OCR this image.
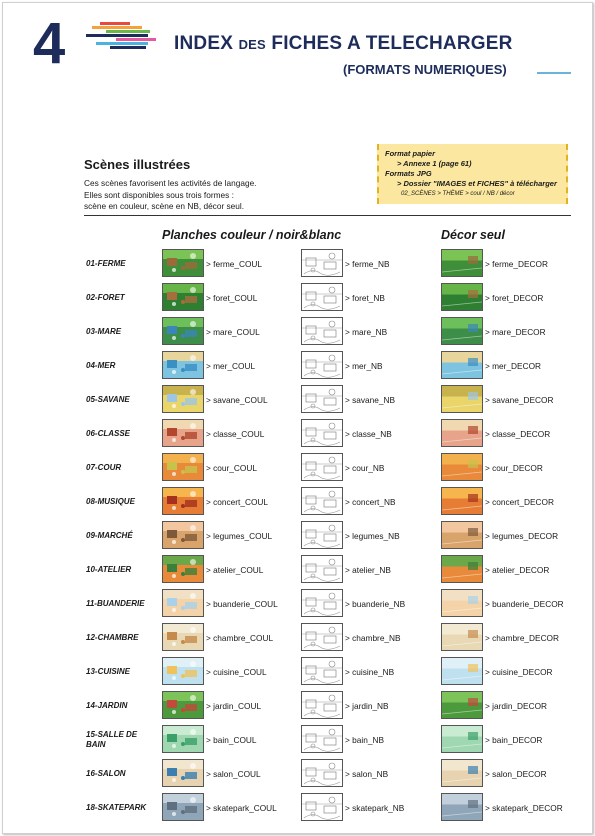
4	INDEX DES FICHES A TELECHARGER
(FORMATS NUMERIQUES)
Scènes illustrées
Ces scènes favorisent les activités de langage.
Elles sont disponibles sous trois formes :
scène en couleur, scène en NB, décor seul.
Format papier
> Annexe 1 (page 61)
Formats JPG
> Dossier "IMAGES et FICHES" à télécharger
02_SCÈNES > THÈME > coul / NB / décor
Planches couleur / noir&blanc	Décor seul
01-FERME	> ferme_COUL	> ferme_NB	> ferme_DECOR
02-FORET	> foret_COUL	> foret_NB	> foret_DECOR
03-MARE	> mare_COUL	> mare_NB	> mare_DECOR
04-MER	> mer_COUL	> mer_NB	> mer_DECOR
05-SAVANE	> savane_COUL	> savane_NB	> savane_DECOR
06-CLASSE	> classe_COUL	> classe_NB	> classe_DECOR
07-COUR	> cour_COUL	> cour_NB	> cour_DECOR
08-MUSIQUE	> concert_COUL	> concert_NB	> concert_DECOR
09-MARCHÉ	> legumes_COUL	> legumes_NB	> legumes_DECOR
10-ATELIER	> atelier_COUL	> atelier_NB	> atelier_DECOR
11-BUANDERIE	> buanderie_COUL	> buanderie_NB	> buanderie_DECOR
12-CHAMBRE	> chambre_COUL	> chambre_NB	> chambre_DECOR
13-CUISINE	> cuisine_COUL	> cuisine_NB	> cuisine_DECOR
14-JARDIN	> jardin_COUL	> jardin_NB	> jardin_DECOR
15-SALLE DE BAIN	> bain_COUL	> bain_NB	> bain_DECOR
16-SALON	> salon_COUL	> salon_NB	> salon_DECOR
18-SKATEPARK	> skatepark_COUL	> skatepark_NB	> skatepark_DECOR
